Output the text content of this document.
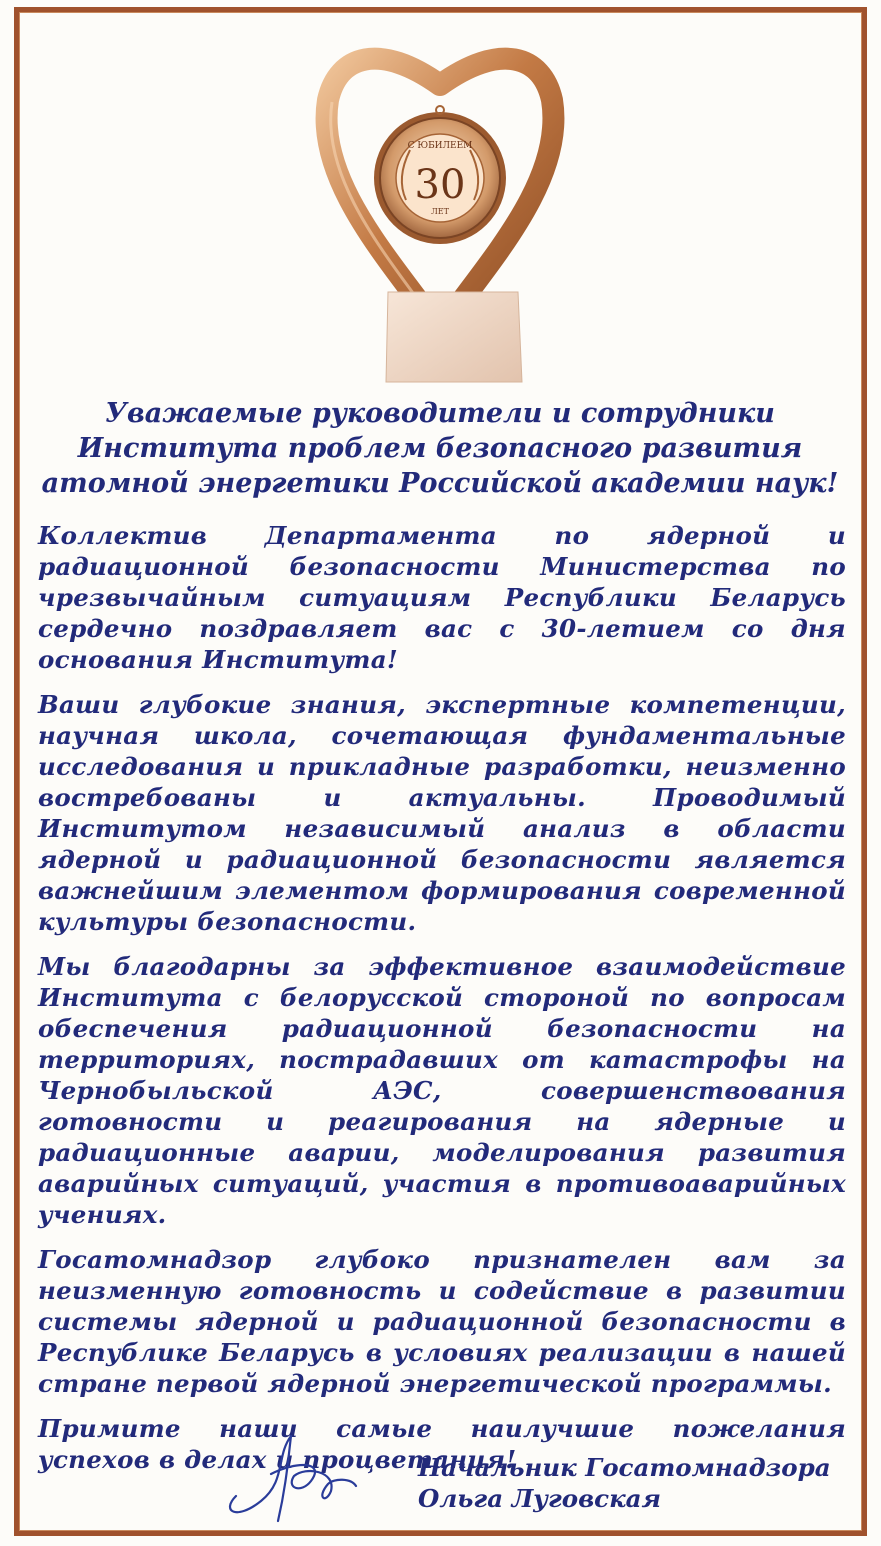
С ЮБИЛЕЕМ
30
ЛЕТ
Уважаемые руководители и сотрудники
Института проблем безопасного развития
атомной энергетики Российской академии наук!

Коллектив Департамента по ядерной и радиационной безопасности Министерства по чрезвычайным ситуациям Республики Беларусь сердечно поздравляет вас с 30-летием со дня основания Института!

Ваши глубокие знания, экспертные компетенции, научная школа, сочетающая фундаментальные исследования и прикладные разработки, неизменно востребованы и актуальны. Проводимый Институтом независимый анализ в области ядерной и радиационной безопасности является важнейшим элементом формирования современной культуры безопасности.

Мы благодарны за эффективное взаимодействие Института с белорусской стороной по вопросам обеспечения радиационной безопасности на территориях, пострадавших от катастрофы на Чернобыльской АЭС, совершенствования готовности и реагирования на ядерные и радиационные аварии, моделирования развития аварийных ситуаций, участия в противоаварийных учениях.

Госатомнадзор глубоко признателен вам за неизменную готовность и содействие в развитии системы ядерной и радиационной безопасности в Республике Беларусь в условиях реализации в нашей стране первой ядерной энергетической программы.

Примите наши самые наилучшие пожелания успехов в делах и процветания!

Начальник Госатомнадзора
Ольга Луговская
